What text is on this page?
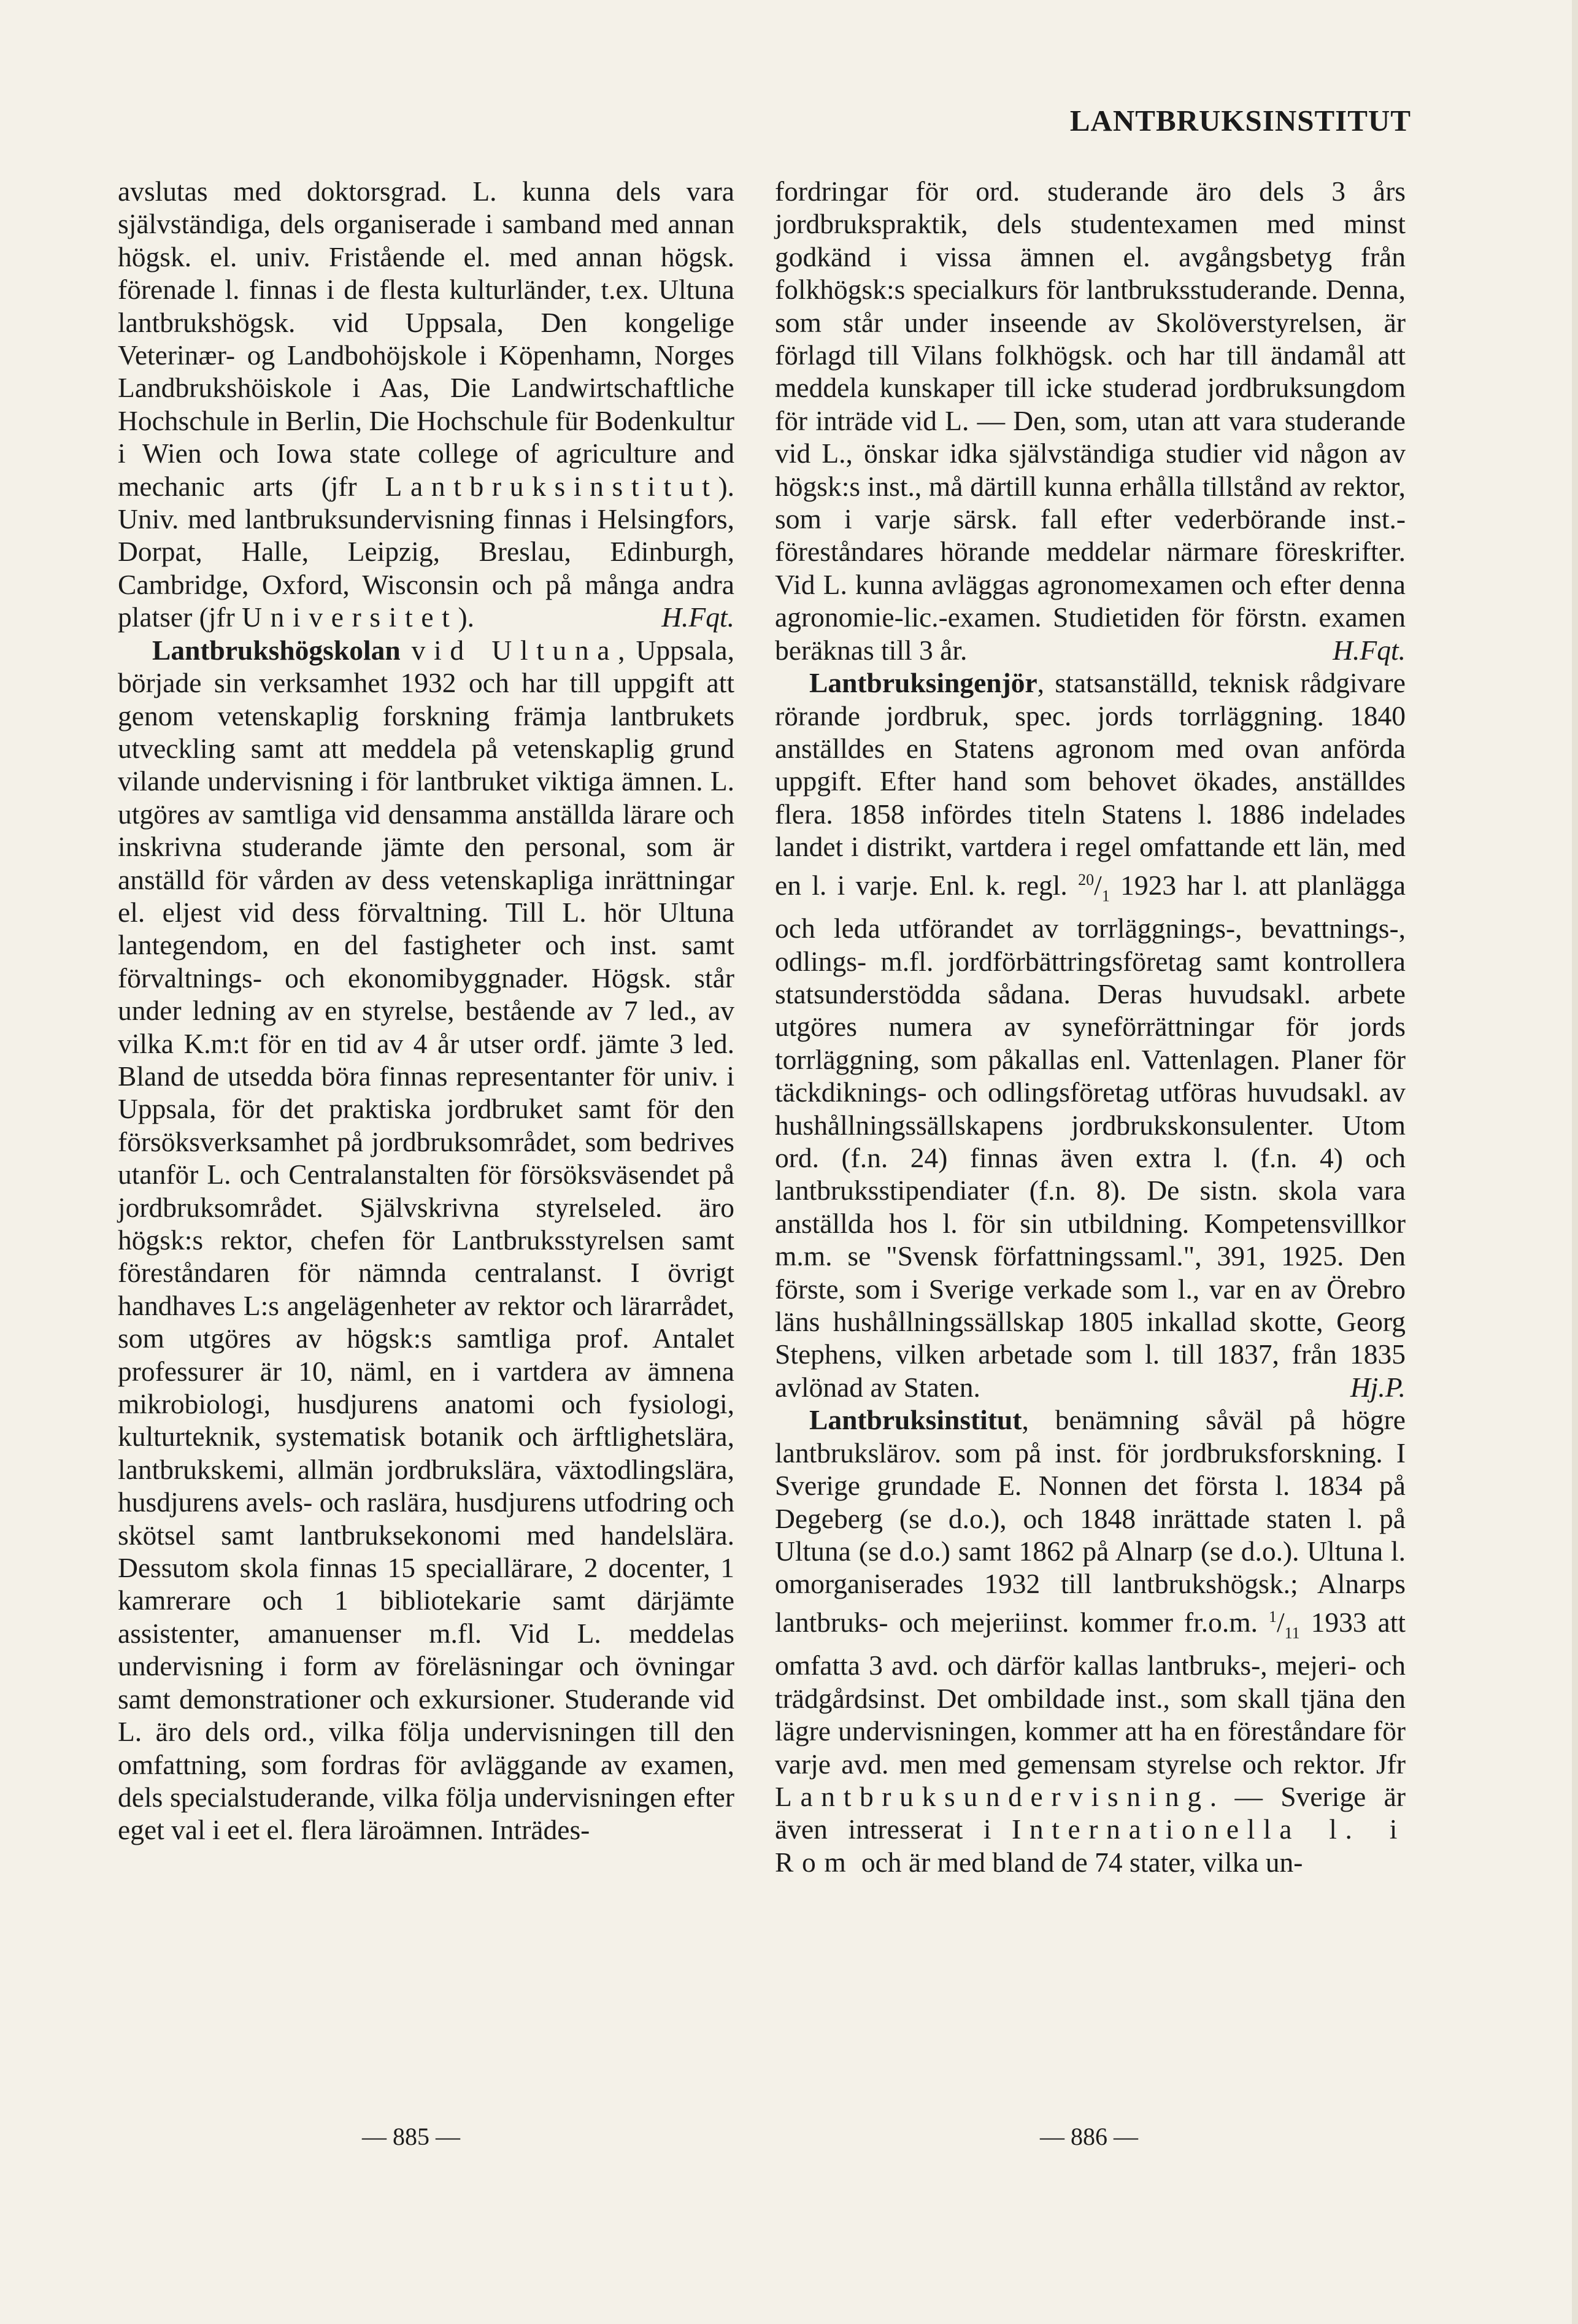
LANTBRUKSINSTITUT

avslutas med doktorsgrad. L. kunna dels vara självständiga, dels organiserade i samband med annan högsk. el. univ. Fristående el. med annan högsk. förenade l. finnas i de flesta kulturländer, t.ex. Ultuna lantbrukshögsk. vid Uppsala, Den kongelige Veterinær- og Landbohöjskole i Köpenhamn, Norges Landbrukshöiskole i Aas, Die Landwirtschaftliche Hochschule in Berlin, Die Hochschule für Bodenkultur i Wien och Iowa state college of agriculture and mechanic arts (jfr Lantbruksinstitut). Univ. med lantbruksundervisning finnas i Helsingfors, Dorpat, Halle, Leipzig, Breslau, Edinburgh, Cambridge, Oxford, Wisconsin och på många andra platser (jfr Universitet).	H.Fqt.

Lantbrukshögskolan vid Ultuna, Uppsala, började sin verksamhet 1932 och har till uppgift att genom vetenskaplig forskning främja lantbrukets utveckling samt att meddela på vetenskaplig grund vilande undervisning i för lantbruket viktiga ämnen. L. utgöres av samtliga vid densamma anställda lärare och inskrivna studerande jämte den personal, som är anställd för vården av dess vetenskapliga inrättningar el. eljest vid dess förvaltning. Till L. hör Ultuna lantegendom, en del fastigheter och inst. samt förvaltnings- och ekonomibyggnader. Högsk. står under ledning av en styrelse, bestående av 7 led., av vilka K.m:t för en tid av 4 år utser ordf. jämte 3 led. Bland de utsedda böra finnas representanter för univ. i Uppsala, för det praktiska jordbruket samt för den försöksverksamhet på jordbruksområdet, som bedrives utanför L. och Centralanstalten för försöksväsendet på jordbruksområdet. Självskrivna styrelseled. äro högsk:s rektor, chefen för Lantbruksstyrelsen samt föreståndaren för nämnda centralanst. I övrigt handhaves L:s angelägenheter av rektor och lärarrådet, som utgöres av högsk:s samtliga prof. Antalet professurer är 10, näml, en i vartdera av ämnena mikrobiologi, husdjurens anatomi och fysiologi, kulturteknik, systematisk botanik och ärftlighetslära, lantbrukskemi, allmän jordbrukslära, växtodlingslära, husdjurens avels- och raslära, husdjurens utfodring och skötsel samt lantbruksekonomi med handelslära. Dessutom skola finnas 15 speciallärare, 2 docenter, 1 kamrerare och 1 bibliotekarie samt därjämte assistenter, amanuenser m.fl. Vid L. meddelas undervisning i form av föreläsningar och övningar samt demonstrationer och exkursioner. Studerande vid L. äro dels ord., vilka följa undervisningen till den omfattning, som fordras för avläggande av examen, dels specialstuderande, vilka följa undervisningen efter eget val i eet el. flera läroämnen. Inträdes-

fordringar för ord. studerande äro dels 3 års jordbrukspraktik, dels studentexamen med minst godkänd i vissa ämnen el. avgångsbetyg från folkhögsk:s specialkurs för lantbruksstuderande. Denna, som står under inseende av Skolöverstyrelsen, är förlagd till Vilans folkhögsk. och har till ändamål att meddela kunskaper till icke studerad jordbruksungdom för inträde vid L. — Den, som, utan att vara studerande vid L., önskar idka självständiga studier vid någon av högsk:s inst., må därtill kunna erhålla tillstånd av rektor, som i varje särsk. fall efter vederbörande inst.-föreståndares hörande meddelar närmare föreskrifter. Vid L. kunna avläggas agronomexamen och efter denna agronomie-lic.-examen. Studietiden för förstn. examen beräknas till 3 år.	H.Fqt.

Lantbruksingenjör, statsanställd, teknisk rådgivare rörande jordbruk, spec. jords torrläggning. 1840 anställdes en Statens agronom med ovan anförda uppgift. Efter hand som behovet ökades, anställdes flera. 1858 infördes titeln Statens l. 1886 indelades landet i distrikt, vartdera i regel omfattande ett län, med en l. i varje. Enl. k. regl. $^{20}/_1$ 1923 har l. att planlägga och leda utförandet av torrläggnings-, bevattnings-, odlings- m.fl. jordförbättringsföretag samt kontrollera statsunderstödda sådana. Deras huvudsakl. arbete utgöres numera av syneförrättningar för jords torrläggning, som påkallas enl. Vattenlagen. Planer för täckdiknings- och odlingsföretag utföras huvudsakl. av hushållningssällskapens jordbrukskonsulenter. Utom ord. (f.n. 24) finnas även extra l. (f.n. 4) och lantbruksstipendiater (f.n. 8). De sistn. skola vara anställda hos l. för sin utbildning. Kompetensvillkor m.m. se "Svensk författningssaml.", 391, 1925. Den förste, som i Sverige verkade som l., var en av Örebro läns hushållningssällskap 1805 inkallad skotte, Georg Stephens, vilken arbetade som l. till 1837, från 1835 avlönad av Staten.	Hj.P.

Lantbruksinstitut, benämning såväl på högre lantbrukslärov. som på inst. för jordbruksforskning. I Sverige grundade E. Nonnen det första l. 1834 på Degeberg (se d.o.), och 1848 inrättade staten l. på Ultuna (se d.o.) samt 1862 på Alnarp (se d.o.). Ultuna l. omorganiserades 1932 till lantbrukshögsk.; Alnarps lantbruks- och mejeriinst. kommer fr.o.m. $^1/_{11}$ 1933 att omfatta 3 avd. och därför kallas lantbruks-, mejeri- och trädgårdsinst. Det ombildade inst., som skall tjäna den lägre undervisningen, kommer att ha en föreståndare för varje avd. men med gemensam styrelse och rektor. Jfr Lantbruksundervisning. — Sverige är även intresserat i Internationella l. i Rom och är med bland de 74 stater, vilka un-

— 885 —	— 886 —
